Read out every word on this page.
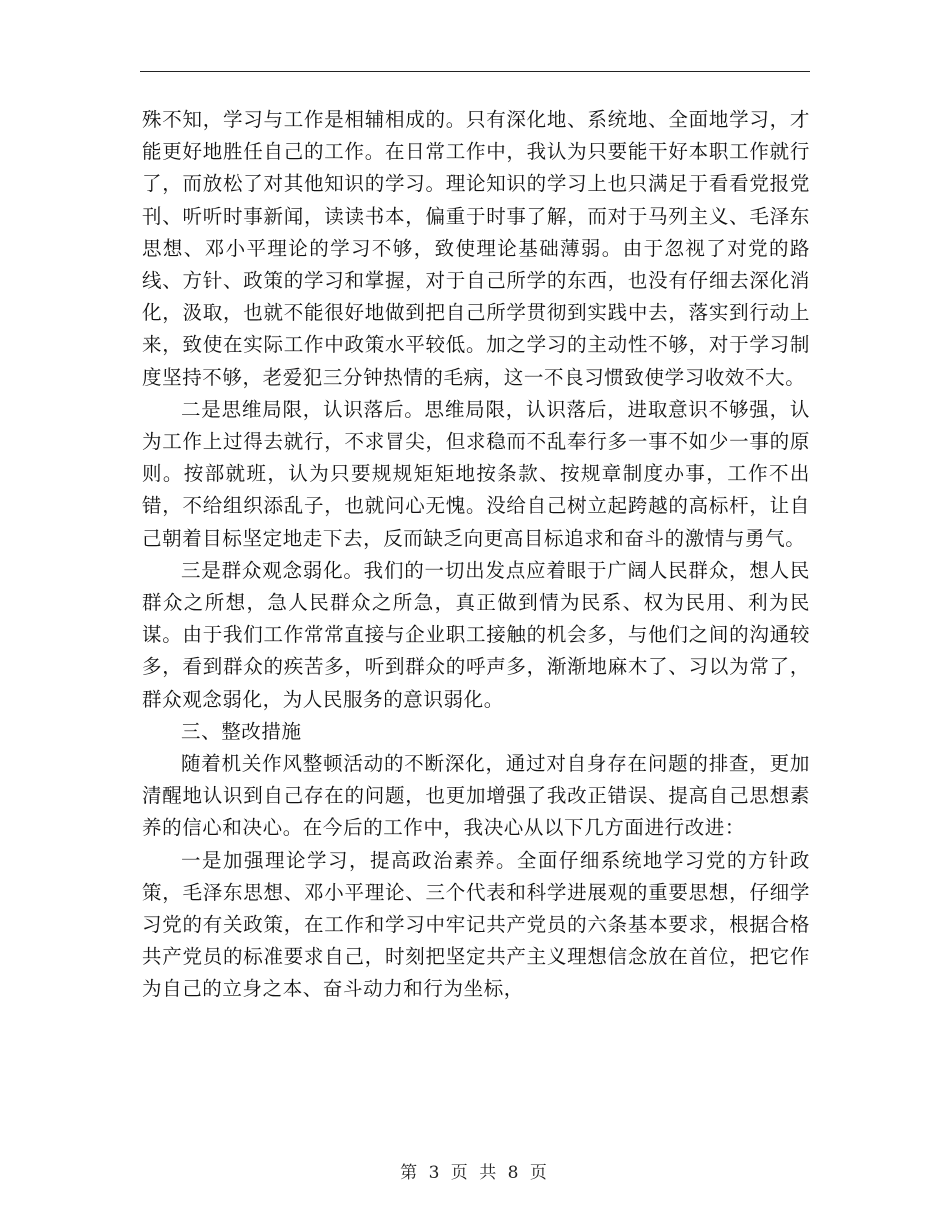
殊不知，学习与工作是相辅相成的。只有深化地、系统地、全面地学习，才能更好地胜任自己的工作。在日常工作中，我认为只要能干好本职工作就行了，而放松了对其他知识的学习。理论知识的学习上也只满足于看看党报党刊、听听时事新闻，读读书本，偏重于时事了解，而对于马列主义、毛泽东思想、邓小平理论的学习不够，致使理论基础薄弱。由于忽视了对党的路线、方针、政策的学习和掌握，对于自己所学的东西，也没有仔细去深化消化，汲取，也就不能很好地做到把自己所学贯彻到实践中去，落实到行动上来，致使在实际工作中政策水平较低。加之学习的主动性不够，对于学习制度坚持不够，老爱犯三分钟热情的毛病，这一不良习惯致使学习收效不大。

二是思维局限，认识落后。思维局限，认识落后，进取意识不够强，认为工作上过得去就行，不求冒尖，但求稳而不乱奉行多一事不如少一事的原则。按部就班，认为只要规规矩矩地按条款、按规章制度办事，工作不出错，不给组织添乱子，也就问心无愧。没给自己树立起跨越的高标杆，让自己朝着目标坚定地走下去，反而缺乏向更高目标追求和奋斗的激情与勇气。

三是群众观念弱化。我们的一切出发点应着眼于广阔人民群众，想人民群众之所想，急人民群众之所急，真正做到情为民系、权为民用、利为民谋。由于我们工作常常直接与企业职工接触的机会多，与他们之间的沟通较多，看到群众的疾苦多，听到群众的呼声多，渐渐地麻木了、习以为常了，群众观念弱化，为人民服务的意识弱化。

三、整改措施

随着机关作风整顿活动的不断深化，通过对自身存在问题的排查，更加清醒地认识到自己存在的问题，也更加增强了我改正错误、提高自己思想素养的信心和决心。在今后的工作中，我决心从以下几方面进行改进：

一是加强理论学习，提高政治素养。全面仔细系统地学习党的方针政策，毛泽东思想、邓小平理论、三个代表和科学进展观的重要思想，仔细学习党的有关政策，在工作和学习中牢记共产党员的六条基本要求，根据合格共产党员的标准要求自己，时刻把坚定共产主义理想信念放在首位，把它作为自己的立身之本、奋斗动力和行为坐标，

第 3 页 共 8 页
